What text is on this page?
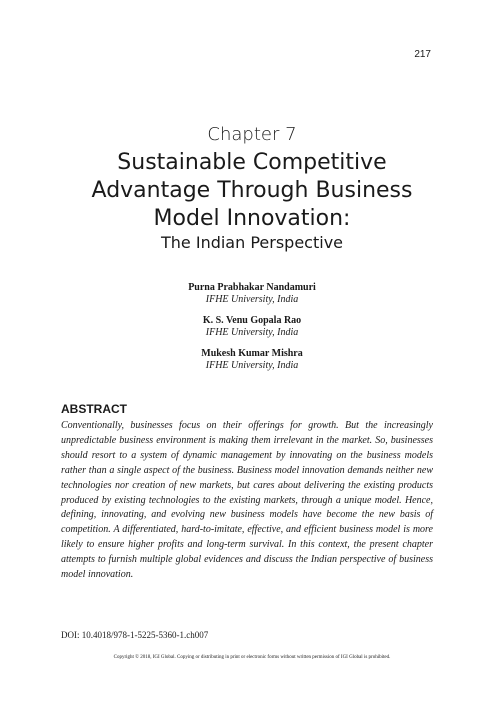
217
Chapter 7
Sustainable Competitive
Advantage Through Business
Model Innovation:
The Indian Perspective
Purna Prabhakar Nandamuri
IFHE University, India
K. S. Venu Gopala Rao
IFHE University, India
Mukesh Kumar Mishra
IFHE University, India
ABSTRACT

Conventionally, businesses focus on their offerings for growth. But the increasingly unpredictable business environment is making them irrelevant in the market. So, businesses should resort to a system of dynamic management by innovating on the business models rather than a single aspect of the business. Business model innovation demands neither new technologies nor creation of new markets, but cares about delivering the existing products produced by existing technologies to the existing markets, through a unique model. Hence, defining, innovating, and evolving new business models have become the new basis of competition. A differentiated, hard-to-imitate, effective, and efficient business model is more likely to ensure higher profits and long-term survival. In this context, the present chapter attempts to furnish multiple global evidences and discuss the Indian perspective of business model innovation.

DOI: 10.4018/978-1-5225-5360-1.ch007
Copyright © 2018, IGI Global. Copying or distributing in print or electronic forms without written permission of IGI Global is prohibited.
